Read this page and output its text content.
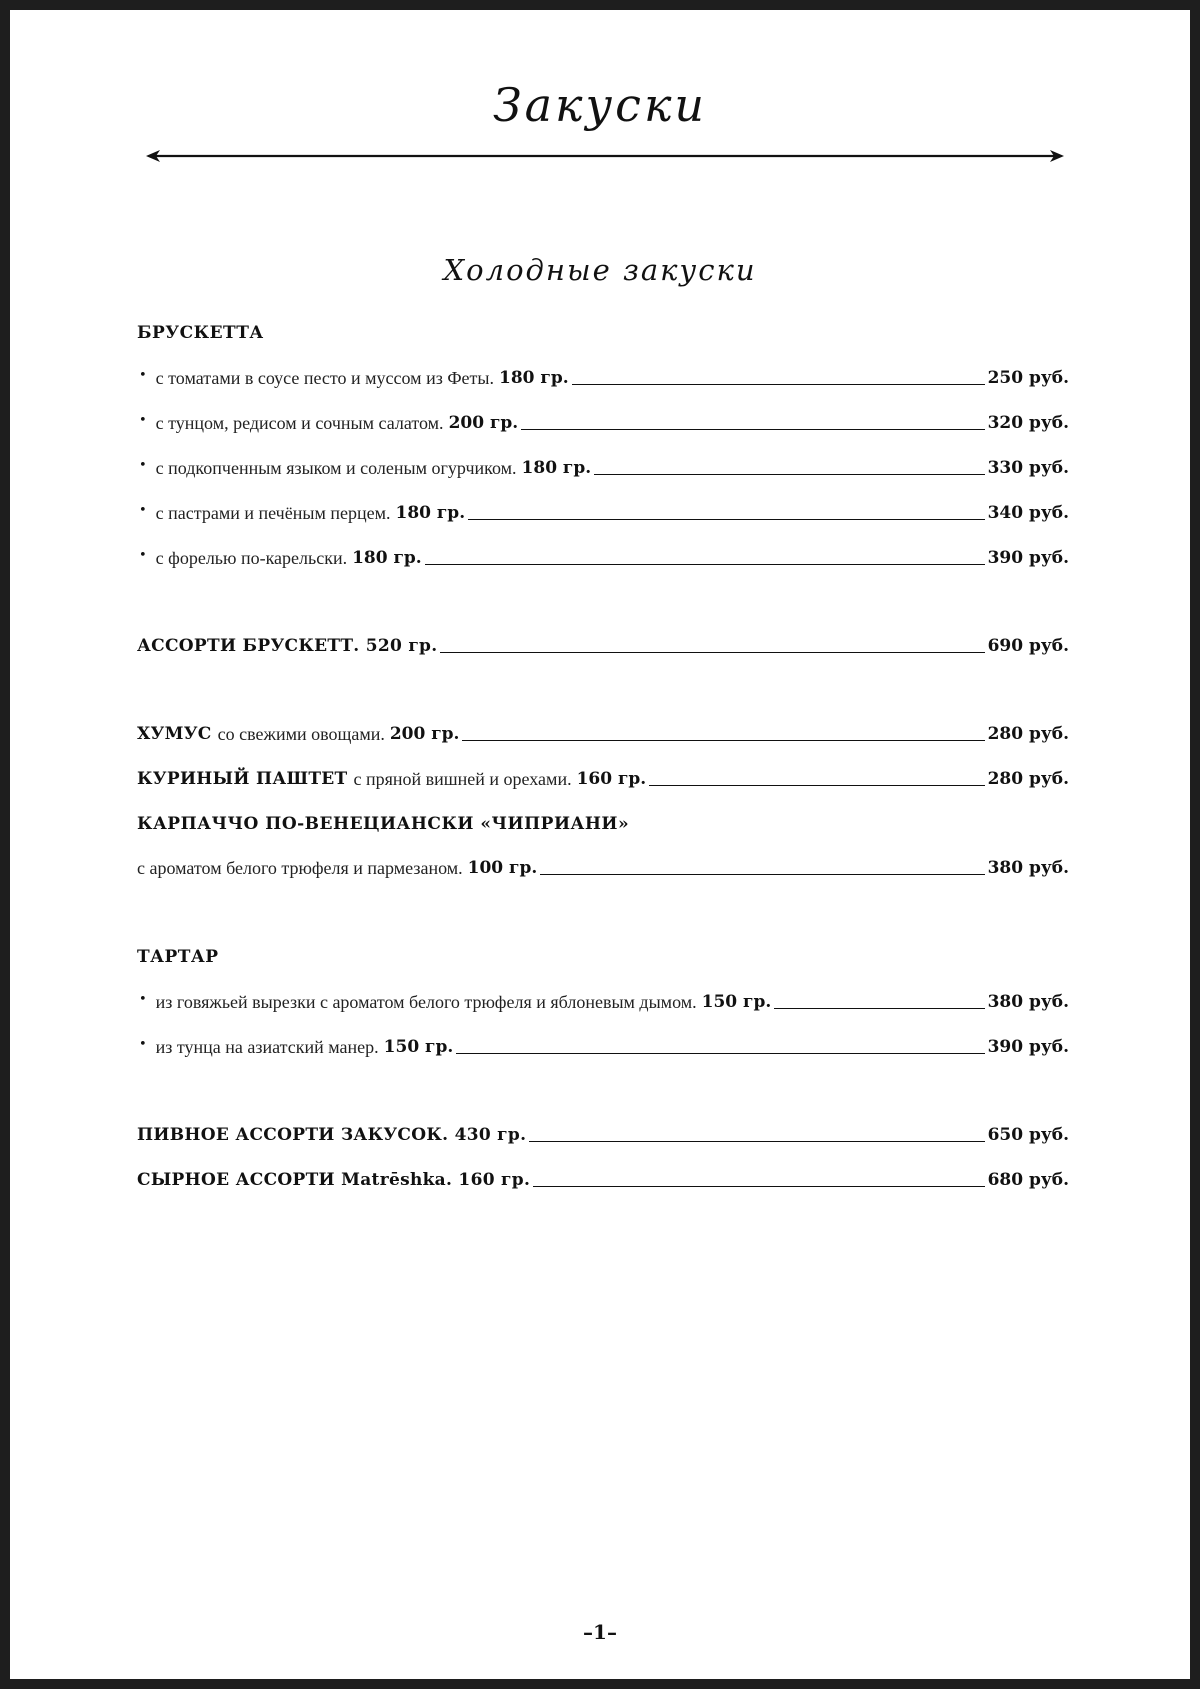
Закуски
Холодные закуски
БРУСКЕТТА
• с томатами в соусе песто и муссом из Феты. 180 гр.	250 руб.
• с тунцом, редисом и сочным салатом. 200 гр.	320 руб.
• с подкопченным языком и соленым огурчиком. 180 гр.	330 руб.
• с пастрами и печёным перцем. 180 гр.	340 руб.
• с форелью по-карельски. 180 гр.	390 руб.
АССОРТИ БРУСКЕТТ. 520 гр.	690 руб.
ХУМУС со свежими овощами. 200 гр.	280 руб.
КУРИНЫЙ ПАШТЕТ с пряной вишней и орехами. 160 гр.	280 руб.
КАРПАЧЧО ПО-ВЕНЕЦИАНСКИ «ЧИПРИАНИ»
с ароматом белого трюфеля и пармезаном. 100 гр.	380 руб.
ТАРТАР
• из говяжьей вырезки с ароматом белого трюфеля и яблоневым дымом. 150 гр.	380 руб.
• из тунца на азиатский манер. 150 гр.	390 руб.
ПИВНОЕ АССОРТИ ЗАКУСОК. 430 гр.	650 руб.
СЫРНОЕ АССОРТИ Matrēshka. 160 гр.	680 руб.
–1–
